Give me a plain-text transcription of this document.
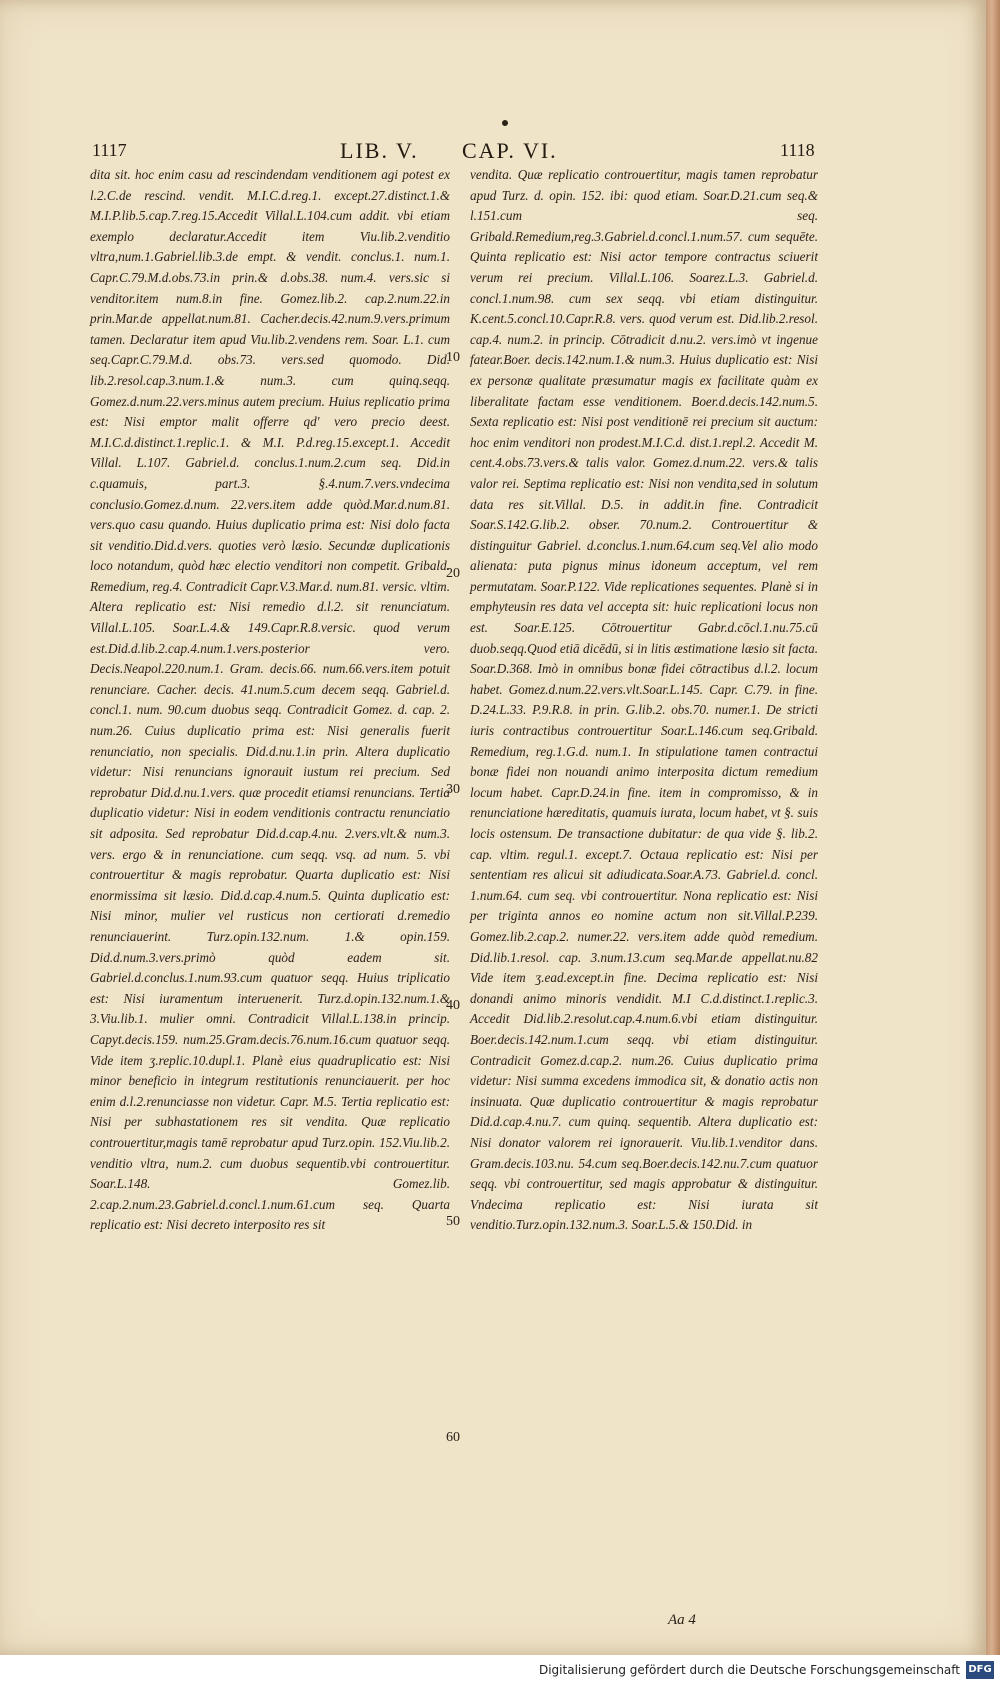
1117	LIB. V. CAP. VI.	1118

dita sit. hoc enim casu ad rescindendam venditionem agi potest ex l.2.C.de rescind. vendit. M.I.C.d.reg.1. except.27.distinct.1.& M.I.P.lib.5.cap.7.reg.15.Accedit Villal.L.104.cum addit. vbi etiam exemplo declaratur.Accedit item Viu.lib.2.venditio vltra,num.1.Gabriel.lib.3.de empt. & vendit. conclus.1. num.1. Capr.C.79.M.d.obs.73.in prin.& d.obs.38. num.4. vers.sic si venditor.item num.8.in fine. Gomez.lib.2. cap.2.num.22.in prin.Mar.de appellat.num.81. Cacher.decis.42.num.9.vers.primum tamen. Declaratur item apud Viu.lib.2.vendens rem. Soar. L.1. cum seq.Capr.C.79.M.d. obs.73. vers.sed quomodo. Did. lib.2.resol.cap.3.num.1.& num.3. cum quinq.seqq. Gomez.d.num.22.vers.minus autem precium. Huius replicatio prima est: Nisi emptor malit offerre qd' vero precio deest. M.I.C.d.distinct.1.replic.1. & M.I. P.d.reg.15.except.1. Accedit Villal. L.107. Gabriel.d. conclus.1.num.2.cum seq. Did.in c.quamuis, part.3. §.4.num.7.vers.vndecima conclusio.Gomez.d.num. 22.vers.item adde quòd.Mar.d.num.81. vers.quo casu quando. Huius duplicatio prima est: Nisi dolo facta sit venditio.Did.d.vers. quoties verò læsio. Secundæ duplicationis loco notandum, quòd hæc electio venditori non competit. Gribald. Remedium, reg.4. Contradicit Capr.V.3.Mar.d. num.81. versic. vltim. Altera replicatio est: Nisi remedio d.l.2. sit renunciatum. Villal.L.105. Soar.L.4.& 149.Capr.R.8.versic. quod verum est.Did.d.lib.2.cap.4.num.1.vers.posterior vero. Decis.Neapol.220.num.1. Gram. decis.66. num.66.vers.item potuit renunciare. Cacher. decis. 41.num.5.cum decem seqq. Gabriel.d. concl.1. num. 90.cum duobus seqq. Contradicit Gomez. d. cap. 2. num.26. Cuius duplicatio prima est: Nisi generalis fuerit renunciatio, non specialis. Did.d.nu.1.in prin. Altera duplicatio videtur: Nisi renuncians ignorauit iustum rei precium. Sed reprobatur Did.d.nu.1.vers. quæ procedit etiamsi renuncians. Tertia duplicatio videtur: Nisi in eodem venditionis contractu renunciatio sit adposita. Sed reprobatur Did.d.cap.4.nu. 2.vers.vlt.& num.3. vers. ergo & in renunciatione. cum seqq. vsq. ad num. 5. vbi controuertitur & magis reprobatur. Quarta duplicatio est: Nisi enormissima sit læsio. Did.d.cap.4.num.5. Quinta duplicatio est: Nisi minor, mulier vel rusticus non certiorati d.remedio renunciauerint. Turz.opin.132.num. 1.& opin.159. Did.d.num.3.vers.primò quòd eadem sit. Gabriel.d.conclus.1.num.93.cum quatuor seqq. Huius triplicatio est: Nisi iuramentum interuenerit. Turz.d.opin.132.num.1.& 3.Viu.lib.1. mulier omni. Contradicit Villal.L.138.in princip. Capyt.decis.159. num.25.Gram.decis.76.num.16.cum quatuor seqq. Vide item ʒ.replic.10.dupl.1. Planè eius quadruplicatio est: Nisi minor beneficio in integrum restitutionis renunciauerit. per hoc enim d.l.2.renunciasse non videtur. Capr. M.5. Tertia replicatio est: Nisi per subhastationem res sit vendita. Quæ replicatio controuertitur,magis tamē reprobatur apud Turz.opin. 152.Viu.lib.2. venditio vltra, num.2. cum duobus sequentib.vbi controuertitur. Soar.L.148. Gomez.lib. 2.cap.2.num.23.Gabriel.d.concl.1.num.61.cum seq. Quarta replicatio est: Nisi decreto interposito res sit

10
20
30
40
50
60

vendita. Quæ replicatio controuertitur, magis tamen reprobatur apud Turz. d. opin. 152. ibi: quod etiam. Soar.D.21.cum seq.& l.151.cum seq. Gribald.Remedium,reg.3.Gabriel.d.concl.1.num.57. cum sequēte. Quinta replicatio est: Nisi actor tempore contractus sciuerit verum rei precium. Villal.L.106. Soarez.L.3. Gabriel.d. concl.1.num.98. cum sex seqq. vbi etiam distinguitur. K.cent.5.concl.10.Capr.R.8. vers. quod verum est. Did.lib.2.resol. cap.4. num.2. in princip. Cōtradicit d.nu.2. vers.imò vt ingenue fatear.Boer. decis.142.num.1.& num.3. Huius duplicatio est: Nisi ex personæ qualitate præsumatur magis ex facilitate quàm ex liberalitate factam esse venditionem. Boer.d.decis.142.num.5. Sexta replicatio est: Nisi post venditionē rei precium sit auctum: hoc enim venditori non prodest.M.I.C.d. dist.1.repl.2. Accedit M. cent.4.obs.73.vers.& talis valor. Gomez.d.num.22. vers.& talis valor rei. Septima replicatio est: Nisi non vendita,sed in solutum data res sit.Villal. D.5. in addit.in fine. Contradicit Soar.S.142.G.lib.2. obser. 70.num.2. Controuertitur & distinguitur Gabriel. d.conclus.1.num.64.cum seq.Vel alio modo alienata: puta pignus minus idoneum acceptum, vel rem permutatam. Soar.P.122. Vide replicationes sequentes. Planè si in emphyteusin res data vel accepta sit: huic replicationi locus non est. Soar.E.125. Cōtrouertitur Gabr.d.cōcl.1.nu.75.cū duob.seqq.Quod etiā dicēdū, si in litis æstimatione læsio sit facta. Soar.D.368. Imò in omnibus bonæ fidei cōtractibus d.l.2. locum habet. Gomez.d.num.22.vers.vlt.Soar.L.145. Capr. C.79. in fine. D.24.L.33. P.9.R.8. in prin. G.lib.2. obs.70. numer.1. De stricti iuris contractibus controuertitur Soar.L.146.cum seq.Gribald. Remedium, reg.1.G.d. num.1. In stipulatione tamen contractui bonæ fidei non nouandi animo interposita dictum remedium locum habet. Capr.D.24.in fine. item in compromisso, & in renunciatione hæreditatis, quamuis iurata, locum habet, vt §. suis locis ostensum. De transactione dubitatur: de qua vide §. lib.2. cap. vltim. regul.1. except.7. Octaua replicatio est: Nisi per sententiam res alicui sit adiudicata.Soar.A.73. Gabriel.d. concl. 1.num.64. cum seq. vbi controuertitur. Nona replicatio est: Nisi per triginta annos eo nomine actum non sit.Villal.P.239. Gomez.lib.2.cap.2. numer.22. vers.item adde quòd remedium. Did.lib.1.resol. cap. 3.num.13.cum seq.Mar.de appellat.nu.82 Vide item ʒ.ead.except.in fine. Decima replicatio est: Nisi donandi animo minoris vendidit. M.I C.d.distinct.1.replic.3. Accedit Did.lib.2.resolut.cap.4.num.6.vbi etiam distinguitur. Boer.decis.142.num.1.cum seqq. vbi etiam distinguitur. Contradicit Gomez.d.cap.2. num.26. Cuius duplicatio prima videtur: Nisi summa excedens immodica sit, & donatio actis non insinuata. Quæ duplicatio controuertitur & magis reprobatur Did.d.cap.4.nu.7. cum quinq. sequentib. Altera duplicatio est: Nisi donator valorem rei ignorauerit. Viu.lib.1.venditor dans. Gram.decis.103.nu. 54.cum seq.Boer.decis.142.nu.7.cum quatuor seqq. vbi controuertitur, sed magis approbatur & distinguitur. Vndecima replicatio est: Nisi iurata sit venditio.Turz.opin.132.num.3. Soar.L.5.& 150.Did. in

Aa 4
Digitalisierung gefördert durch die Deutsche Forschungsgemeinschaft DFG
